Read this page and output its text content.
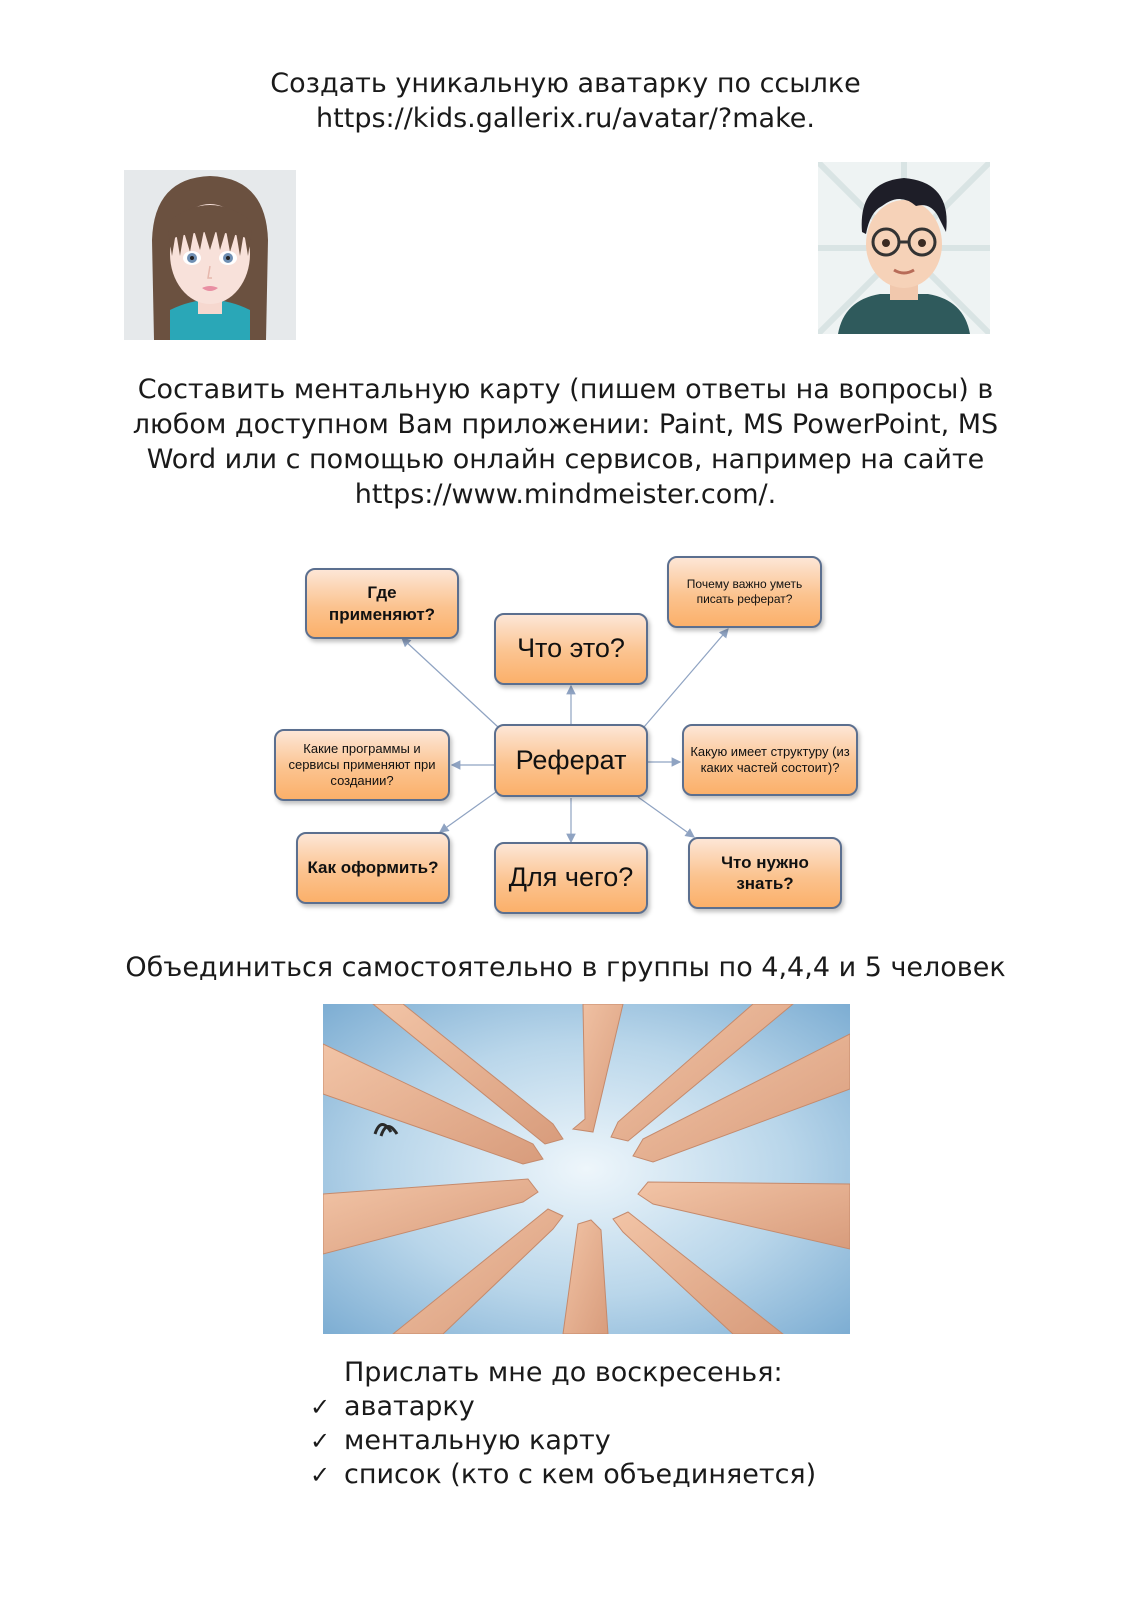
Создать уникальную аватарку по ссылке
https://kids.gallerix.ru/avatar/?make.
Составить ментальную карту (пишем ответы на вопросы) в
любом доступном Вам приложении: Paint, MS PowerPoint, MS
Word или с помощью онлайн сервисов, например на сайте
https://www.mindmeister.com/.
Где применяют?
Что это?
Почему важно уметь писать реферат?
Реферат
Какие программы и сервисы применяют при создании?
Какую имеет структуру (из каких частей состоит)?
Как оформить?	Для чего?	Что нужно знать?
Объединиться самостоятельно в группы по 4,4,4 и 5 человек
Прислать мне до воскресенья:
✓ аватарку
✓ ментальную карту
✓ список (кто с кем объединяется)
